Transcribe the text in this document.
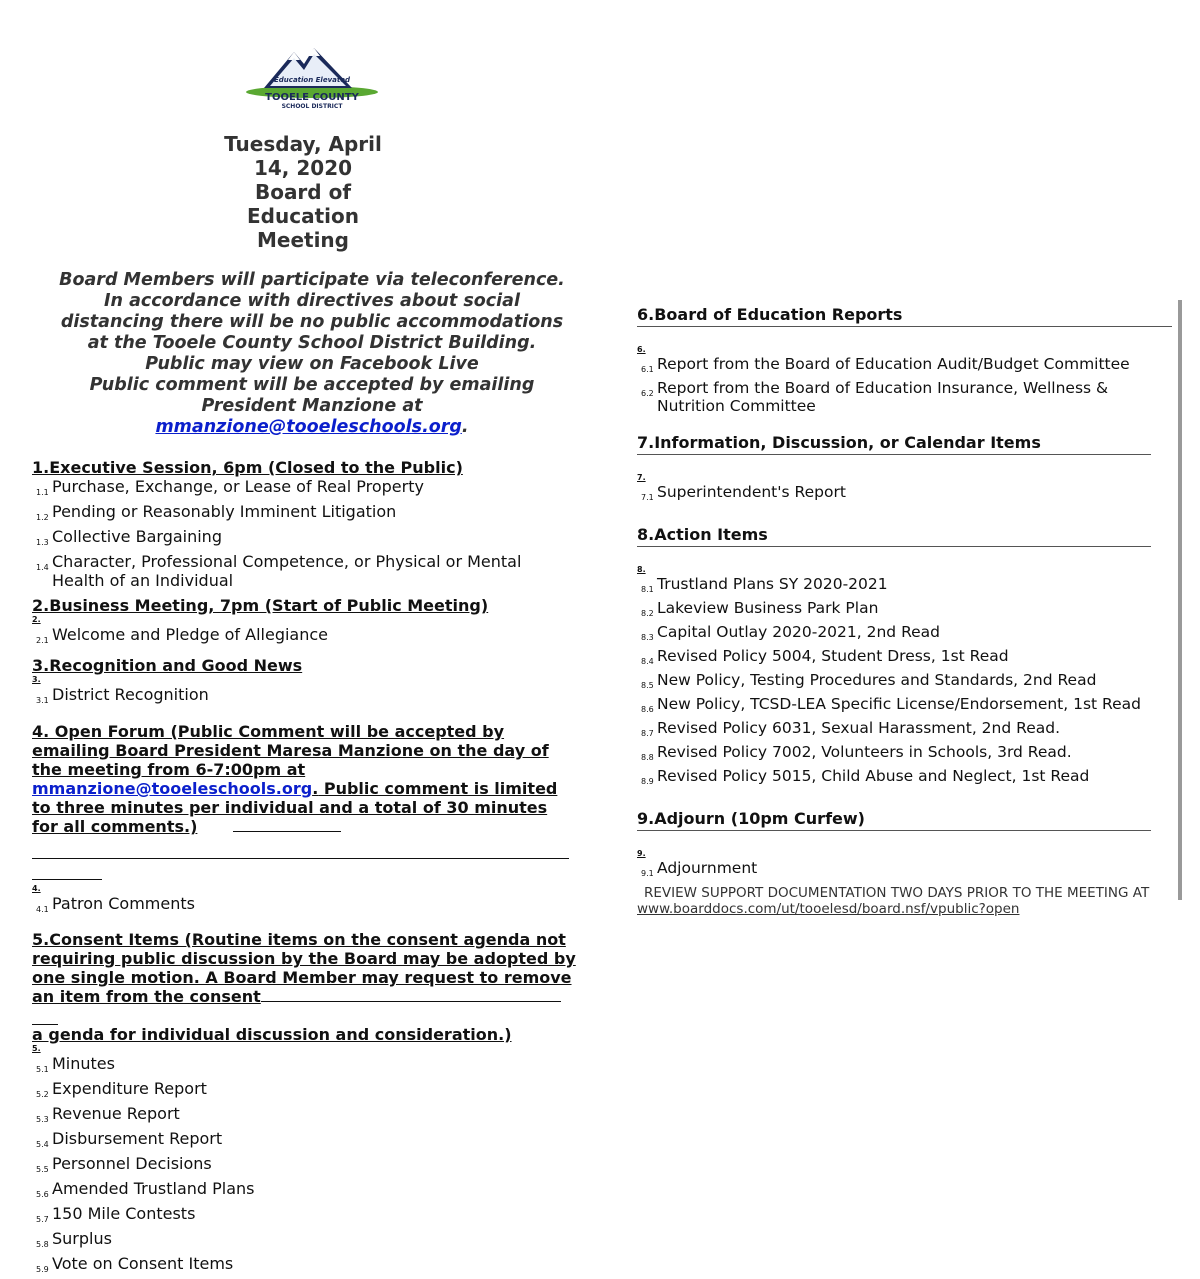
Education Elevated
TOOELE COUNTY
SCHOOL DISTRICT
Tuesday, April
14, 2020
Board of
Education
Meeting
Board Members will participate via teleconference.
In accordance with directives about social
distancing there will be no public accommodations
at the Tooele County School District Building.
Public may view on Facebook Live
Public comment will be accepted by emailing
President Manzione at
mmanzione@tooeleschools.org.
1.Executive Session, 6pm (Closed to the Public)
1.1 Purchase, Exchange, or Lease of Real Property
1.2 Pending or Reasonably Imminent Litigation
1.3 Collective Bargaining
1.4 Character, Professional Competence, or Physical or Mental Health of an Individual
2.Business Meeting, 7pm (Start of Public Meeting)
2.
2.1 Welcome and Pledge of Allegiance
3.Recognition and Good News
3.
3.1 District Recognition
4. Open Forum (Public Comment will be accepted by emailing Board President Maresa Manzione on the day of the meeting from 6-7:00pm at mmanzione@tooeleschools.org. Public comment is limited to three minutes per individual and a total of 30 minutes for all comments.)
4.
4.1 Patron Comments
5.Consent Items (Routine items on the consent agenda not requiring public discussion by the Board may be adopted by one single motion. A Board Member may request to remove an item from the consent
a genda for individual discussion and consideration.)
5.
5.1 Minutes
5.2 Expenditure Report
5.3 Revenue Report
5.4 Disbursement Report
5.5 Personnel Decisions
5.6 Amended Trustland Plans
5.7 150 Mile Contests
5.8 Surplus
5.9 Vote on Consent Items
6.Board of Education Reports
6.
6.1 Report from the Board of Education Audit/Budget Committee
6.2 Report from the Board of Education Insurance, Wellness & Nutrition Committee
7.Information, Discussion, or Calendar Items
7.
7.1 Superintendent's Report
8.Action Items
8.
8.1 Trustland Plans SY 2020-2021
8.2 Lakeview Business Park Plan
8.3 Capital Outlay 2020-2021, 2nd Read
8.4 Revised Policy 5004, Student Dress, 1st Read
8.5 New Policy, Testing Procedures and Standards, 2nd Read
8.6 New Policy, TCSD-LEA Specific License/Endorsement, 1st Read
8.7 Revised Policy 6031, Sexual Harassment, 2nd Read.
8.8 Revised Policy 7002, Volunteers in Schools, 3rd Read.
8.9 Revised Policy 5015, Child Abuse and Neglect, 1st Read
9.Adjourn (10pm Curfew)
9.
9.1 Adjournment
REVIEW SUPPORT DOCUMENTATION TWO DAYS PRIOR TO THE MEETING AT
www.boarddocs.com/ut/tooelesd/board.nsf/vpublic?open
